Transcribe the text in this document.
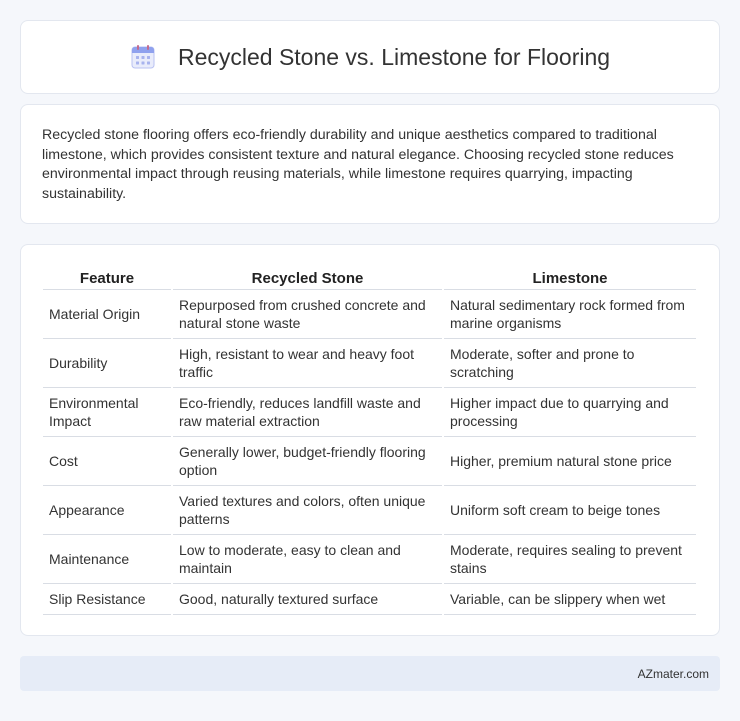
Recycled Stone vs. Limestone for Flooring

Recycled stone flooring offers eco-friendly durability and unique aesthetics compared to traditional limestone, which provides consistent texture and natural elegance. Choosing recycled stone reduces environmental impact through reusing materials, while limestone requires quarrying, impacting sustainability.

Feature	Recycled Stone	Limestone
Material Origin	Repurposed from crushed concrete and natural stone waste	Natural sedimentary rock formed from marine organisms
Durability	High, resistant to wear and heavy foot traffic	Moderate, softer and prone to scratching
Environmental Impact	Eco-friendly, reduces landfill waste and raw material extraction	Higher impact due to quarrying and processing
Cost	Generally lower, budget-friendly flooring option	Higher, premium natural stone price
Appearance	Varied textures and colors, often unique patterns	Uniform soft cream to beige tones
Maintenance	Low to moderate, easy to clean and maintain	Moderate, requires sealing to prevent stains
Slip Resistance	Good, naturally textured surface	Variable, can be slippery when wet
AZmater.com
